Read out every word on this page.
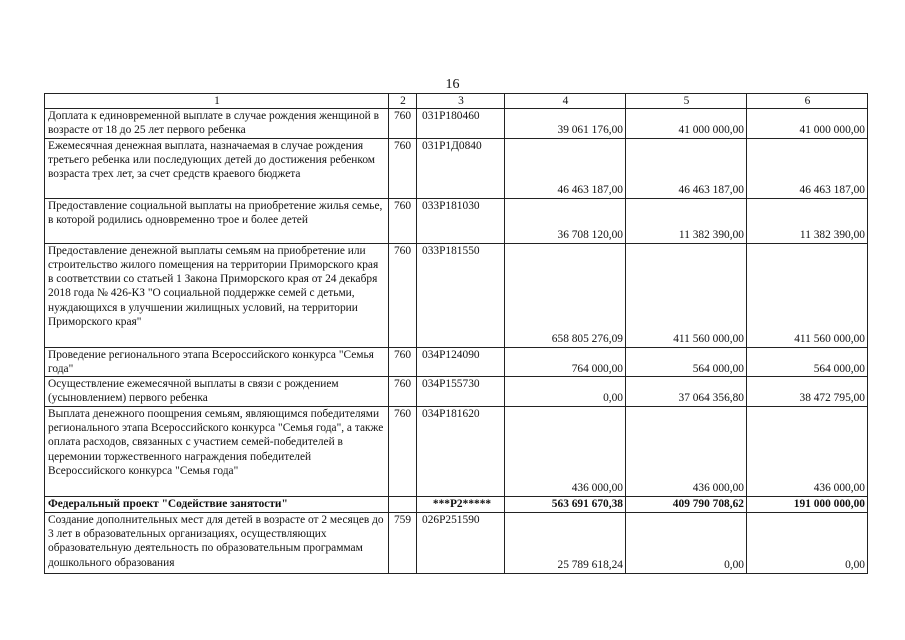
16
1	2	3	4	5	6
Доплата к единовременной выплате в случае рождения женщиной в возрасте от 18 до 25 лет первого ребенка	760	031P180460	39 061 176,00	41 000 000,00	41 000 000,00
Ежемесячная денежная выплата, назначаемая в случае рождения третьего ребенка или последующих детей до достижения ребенком возраста трех лет, за счет средств краевого бюджета	760	031P1Д0840	46 463 187,00	46 463 187,00	46 463 187,00
Предоставление социальной выплаты на приобретение жилья семье, в которой родились одновременно трое и более детей	760	033P181030	36 708 120,00	11 382 390,00	11 382 390,00
Предоставление денежной выплаты семьям на приобретение или строительство жилого помещения на территории Приморского края в соответствии со статьей 1 Закона Приморского края от 24 декабря 2018 года № 426-КЗ "О социальной поддержке семей с детьми, нуждающихся в улучшении жилищных условий, на территории Приморского края"	760	033P181550	658 805 276,09	411 560 000,00	411 560 000,00
Проведение регионального этапа Всероссийского конкурса "Семья года"	760	034P124090	764 000,00	564 000,00	564 000,00
Осуществление ежемесячной выплаты в связи с рождением (усыновлением) первого ребенка	760	034P155730	0,00	37 064 356,80	38 472 795,00
Выплата денежного поощрения семьям, являющимся победителями регионального этапа Всероссийского конкурса "Семья года", а также оплата расходов, связанных с участием семей-победителей в церемонии торжественного награждения победителей Всероссийского конкурса "Семья года"	760	034P181620	436 000,00	436 000,00	436 000,00
Федеральный проект "Содействие занятости"		***P2*****	563 691 670,38	409 790 708,62	191 000 000,00
Создание дополнительных мест для детей в возрасте от 2 месяцев до 3 лет в образовательных организациях, осуществляющих образовательную деятельность по образовательным программам дошкольного образования	759	026P251590	25 789 618,24	0,00	0,00
